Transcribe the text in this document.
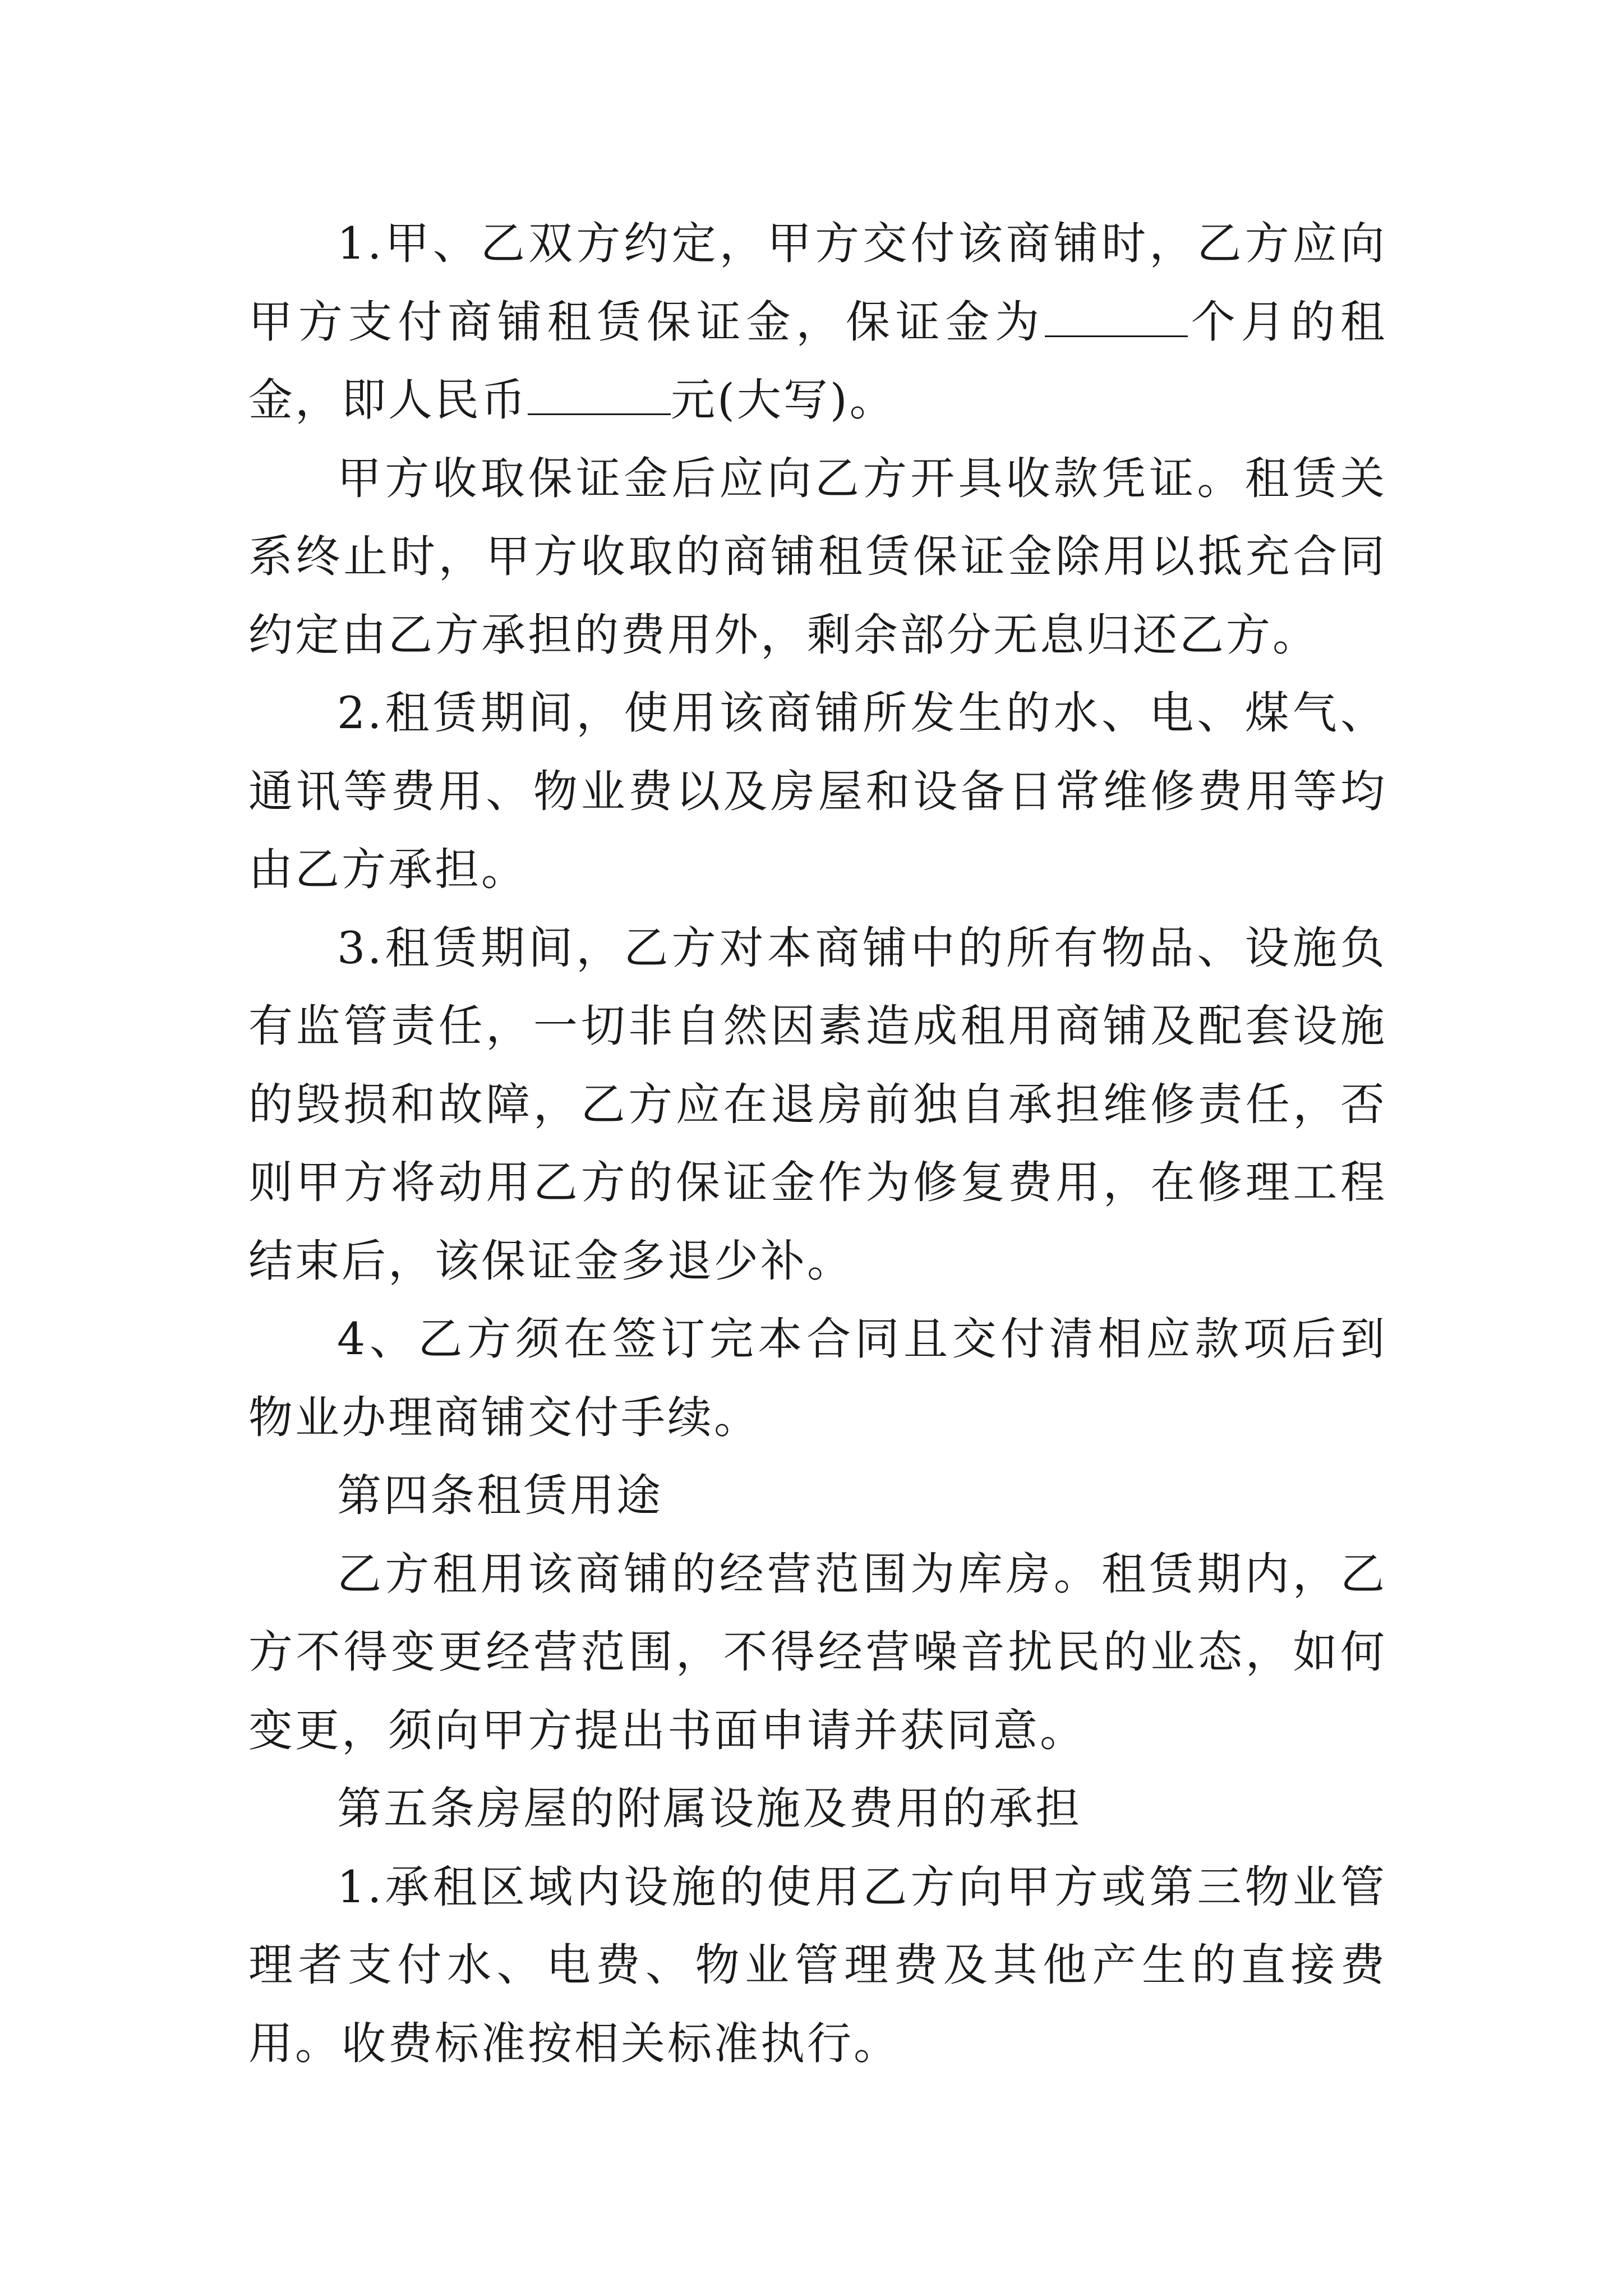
1.甲、乙双方约定，甲方交付该商铺时，乙方应向甲方支付商铺租赁保证金，保证金为	个月的租金，即人民币	元(大写)。

甲方收取保证金后应向乙方开具收款凭证。租赁关系终止时，甲方收取的商铺租赁保证金除用以抵充合同约定由乙方承担的费用外，剩余部分无息归还乙方。

2.租赁期间，使用该商铺所发生的水、电、煤气、通讯等费用、物业费以及房屋和设备日常维修费用等均由乙方承担。

3.租赁期间，乙方对本商铺中的所有物品、设施负有监管责任，一切非自然因素造成租用商铺及配套设施的毁损和故障，乙方应在退房前独自承担维修责任，否则甲方将动用乙方的保证金作为修复费用，在修理工程结束后，该保证金多退少补。

4、乙方须在签订完本合同且交付清相应款项后到物业办理商铺交付手续。

第四条租赁用途

乙方租用该商铺的经营范围为库房。租赁期内，乙方不得变更经营范围，不得经营噪音扰民的业态，如何变更，须向甲方提出书面申请并获同意。

第五条房屋的附属设施及费用的承担

1.承租区域内设施的使用乙方向甲方或第三物业管理者支付水、电费、物业管理费及其他产生的直接费用。收费标准按相关标准执行。
